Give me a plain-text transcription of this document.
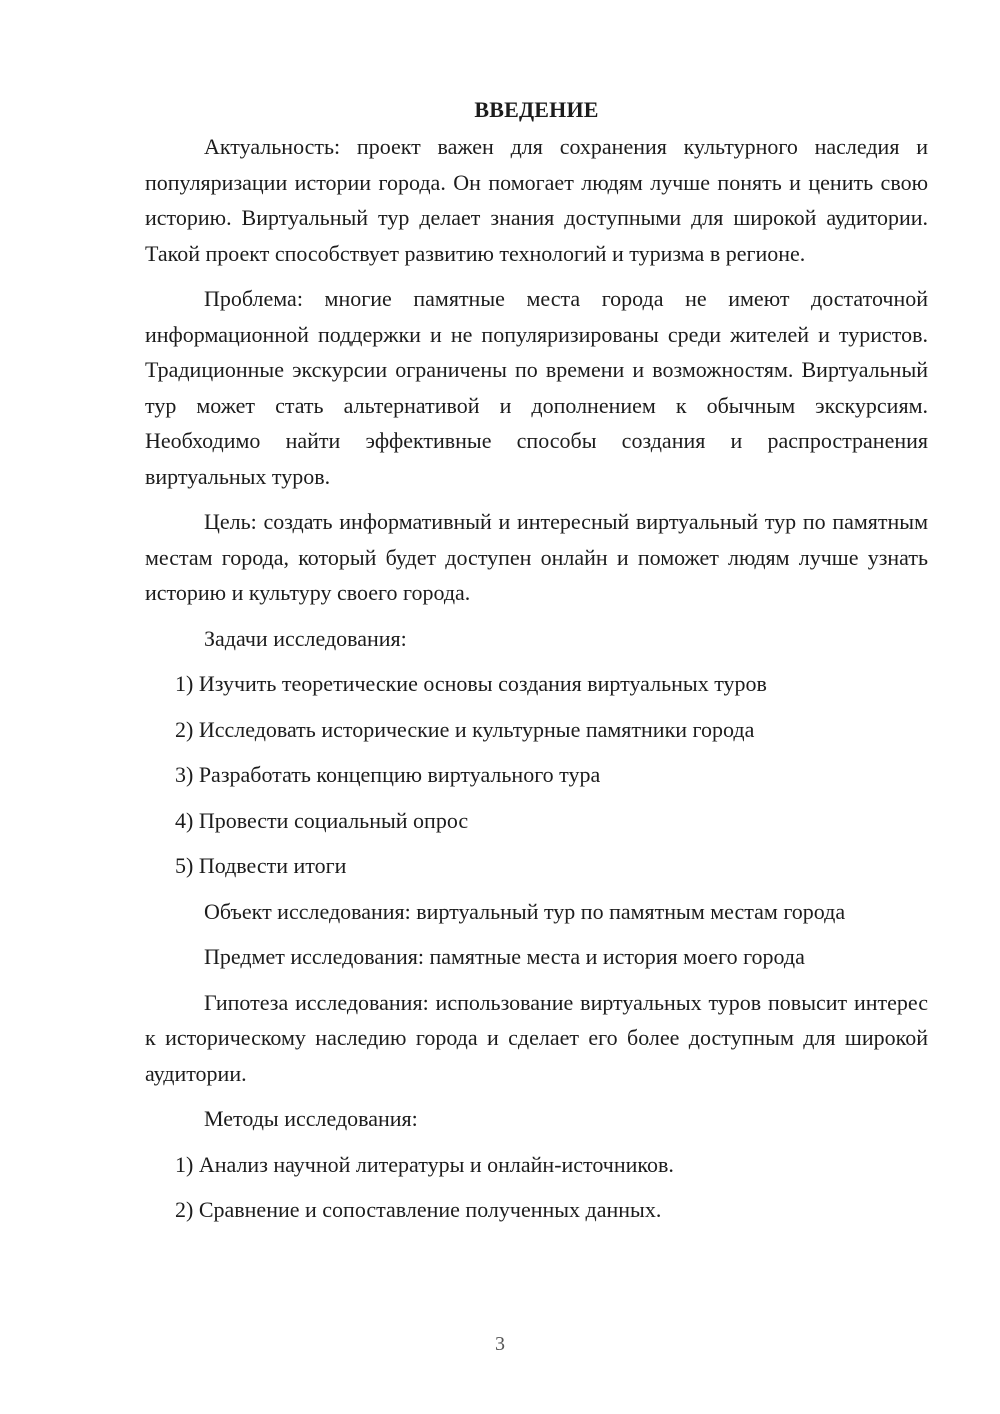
ВВЕДЕНИЕ

Актуальность: проект важен для сохранения культурного наследия и популяризации истории города. Он помогает людям лучше понять и ценить свою историю. Виртуальный тур делает знания доступными для широкой аудитории. Такой проект способствует развитию технологий и туризма в регионе.

Проблема: многие памятные места города не имеют достаточной информационной поддержки и не популяризированы среди жителей и туристов. Традиционные экскурсии ограничены по времени и возможностям. Виртуальный тур может стать альтернативой и дополнением к обычным экскурсиям. Необходимо найти эффективные способы создания и распространения виртуальных туров.

Цель: создать информативный и интересный виртуальный тур по памятным местам города, который будет доступен онлайн и поможет людям лучше узнать историю и культуру своего города.

Задачи исследования:

1) Изучить теоретические основы создания виртуальных туров

2) Исследовать исторические и культурные памятники города

3) Разработать концепцию виртуального тура

4) Провести социальный опрос

5) Подвести итоги

Объект исследования: виртуальный тур по памятным местам города

Предмет исследования: памятные места и история моего города

Гипотеза исследования: использование виртуальных туров повысит интерес к историческому наследию города и сделает его более доступным для широкой аудитории.

Методы исследования:

1) Анализ научной литературы и онлайн-источников.

2) Сравнение и сопоставление полученных данных.

3
